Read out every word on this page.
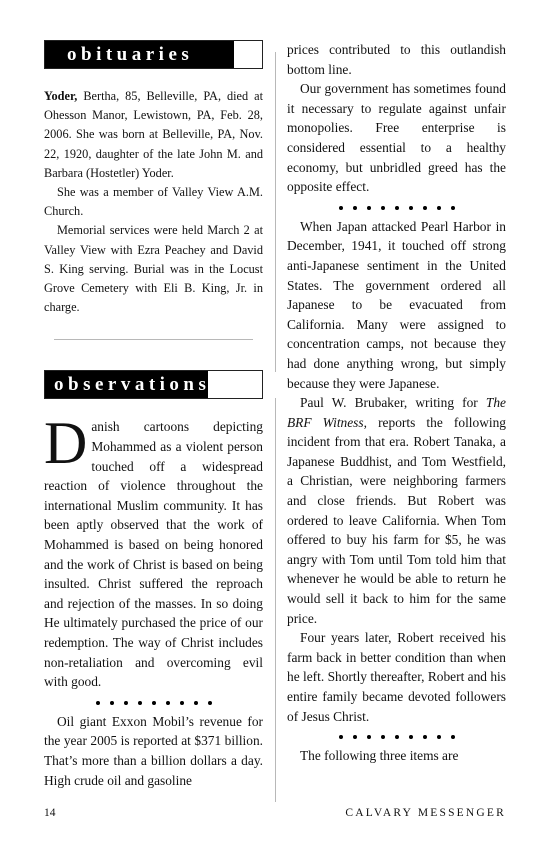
obituaries

Yoder, Bertha, 85, Belleville, PA, died at Ohesson Manor, Lewistown, PA, Feb. 28, 2006. She was born at Belleville, PA, Nov. 22, 1920, daughter of the late John M. and Barbara (Hostetler) Yoder.

She was a member of Valley View A.M. Church.

Memorial services were held March 2 at Valley View with Ezra Peachey and David S. King serving. Burial was in the Locust Grove Cemetery with Eli B. King, Jr. in charge.

observations

Danish cartoons depicting Mohammed as a violent person touched off a widespread reaction of violence throughout the international Muslim community. It has been aptly observed that the work of Mohammed is based on being honored and the work of Christ is based on being insulted. Christ suffered the reproach and rejection of the masses. In so doing He ultimately purchased the price of our redemption. The way of Christ includes non-retaliation and overcoming evil with good.

Oil giant Exxon Mobil’s revenue for the year 2005 is reported at $371 billion. That’s more than a billion dollars a day. High crude oil and gasoline

prices contributed to this outlandish bottom line.

Our government has sometimes found it necessary to regulate against unfair monopolies. Free enterprise is considered essential to a healthy economy, but unbridled greed has the opposite effect.

When Japan attacked Pearl Harbor in December, 1941, it touched off strong anti-Japanese sentiment in the United States. The government ordered all Japanese to be evacuated from California. Many were assigned to concentration camps, not because they had done anything wrong, but simply because they were Japanese.

Paul W. Brubaker, writing for The BRF Witness, reports the following incident from that era. Robert Tanaka, a Japanese Buddhist, and Tom Westfield, a Christian, were neighboring farmers and close friends. But Robert was ordered to leave California. When Tom offered to buy his farm for $5, he was angry with Tom until Tom told him that whenever he would be able to return he would sell it back to him for the same price.

Four years later, Robert received his farm back in better condition than when he left. Shortly thereafter, Robert and his entire family became devoted followers of Jesus Christ.

The following three items are

14	CALVARY MESSENGER
